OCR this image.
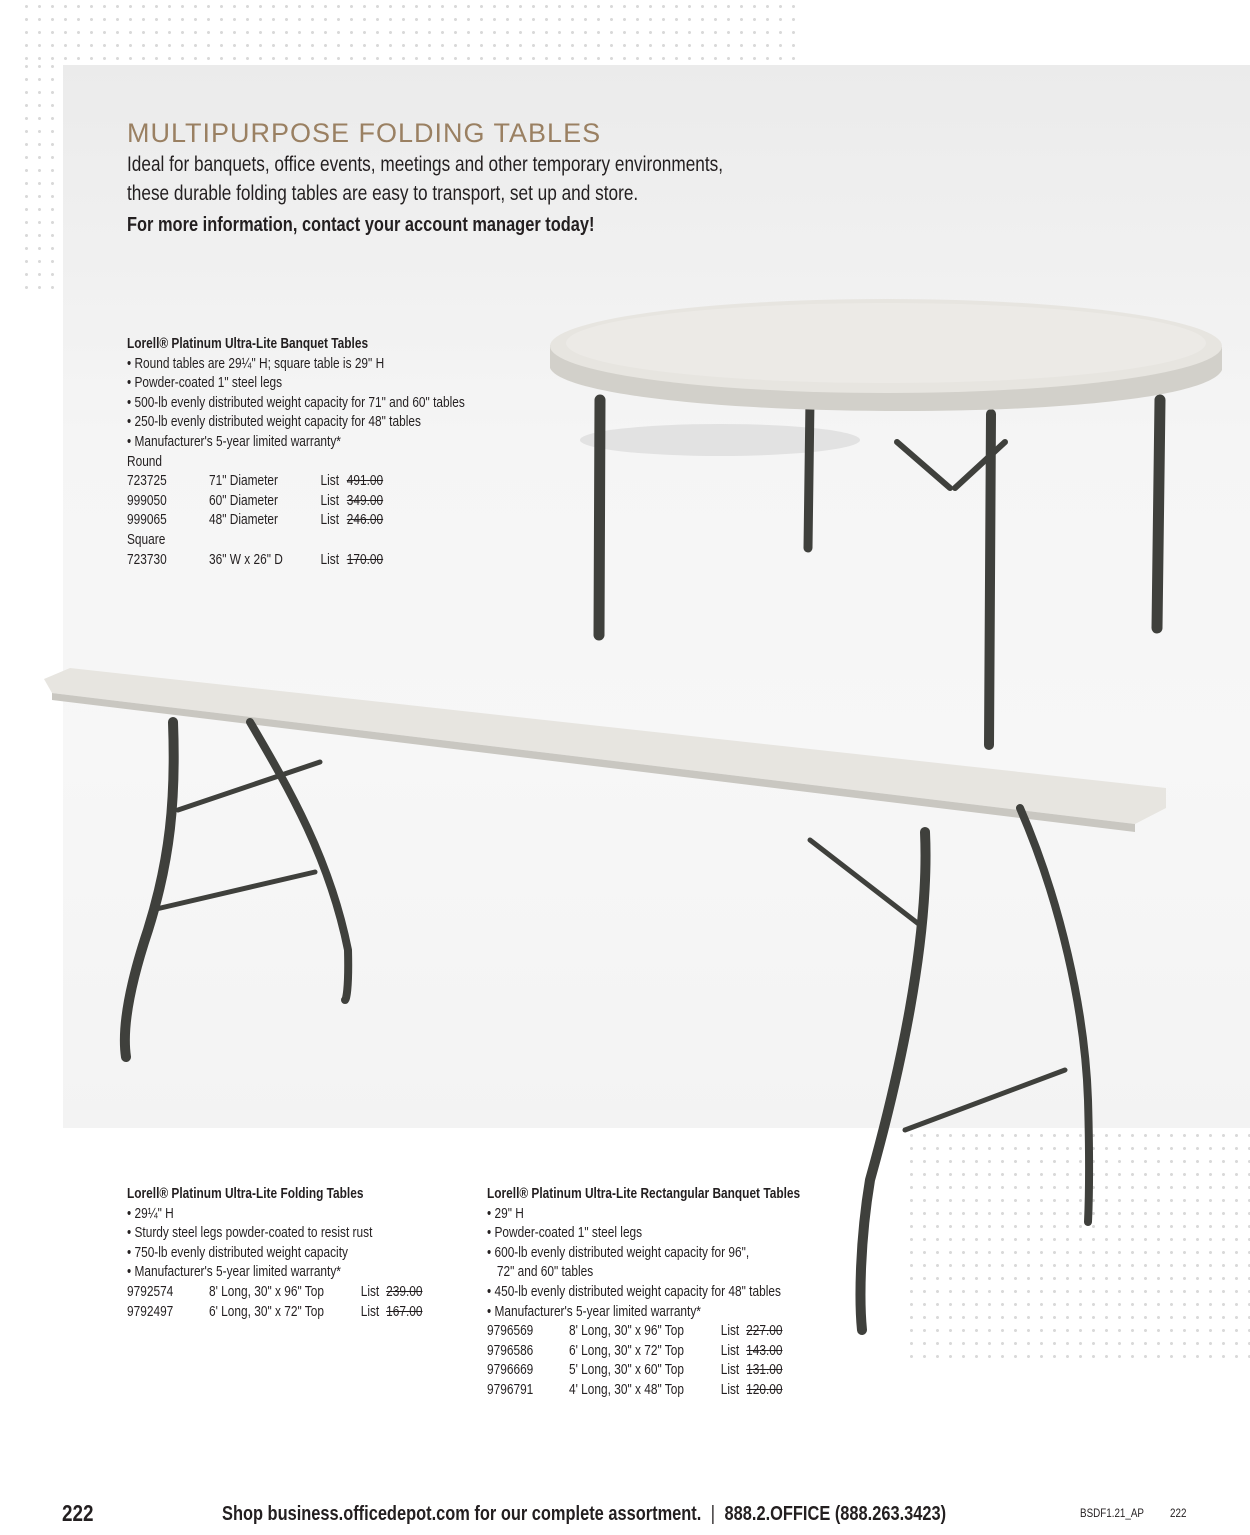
MULTIPURPOSE FOLDING TABLES
Ideal for banquets, office events, meetings and other temporary environments,
these durable folding tables are easy to transport, set up and store.
For more information, contact your account manager today!
Lorell® Platinum Ultra-Lite Banquet Tables
• Round tables are 29¼" H; square table is 29" H
• Powder-coated 1" steel legs
• 500-lb evenly distributed weight capacity for 71" and 60" tables
• 250-lb evenly distributed weight capacity for 48" tables
• Manufacturer's 5-year limited warranty*
Round
723725	71" Diameter	List 491.00
999050	60" Diameter	List 349.00
999065	48" Diameter	List 246.00
Square
723730	36" W x 26" D	List 170.00
Lorell® Platinum Ultra-Lite Folding Tables
• 29¼" H
• Sturdy steel legs powder-coated to resist rust
• 750-lb evenly distributed weight capacity
• Manufacturer's 5-year limited warranty*
9792574 8' Long, 30" x 96" Top	List 239.00
9792497 6' Long, 30" x 72" Top	List 167.00
Lorell® Platinum Ultra-Lite Rectangular Banquet Tables
• 29" H
• Powder-coated 1" steel legs
• 600-lb evenly distributed weight capacity for 96",
72" and 60" tables
• 450-lb evenly distributed weight capacity for 48" tables
• Manufacturer's 5-year limited warranty*
9796569 8' Long, 30" x 96" Top	List 227.00
9796586 6' Long, 30" x 72" Top	List 143.00
9796669 5' Long, 30" x 60" Top	List 131.00
9796791 4' Long, 30" x 48" Top	List 120.00
222	Shop business.officedepot.com for our complete assortment. | 888.2.OFFICE (888.263.3423)	BSDF1.21_AP 222
